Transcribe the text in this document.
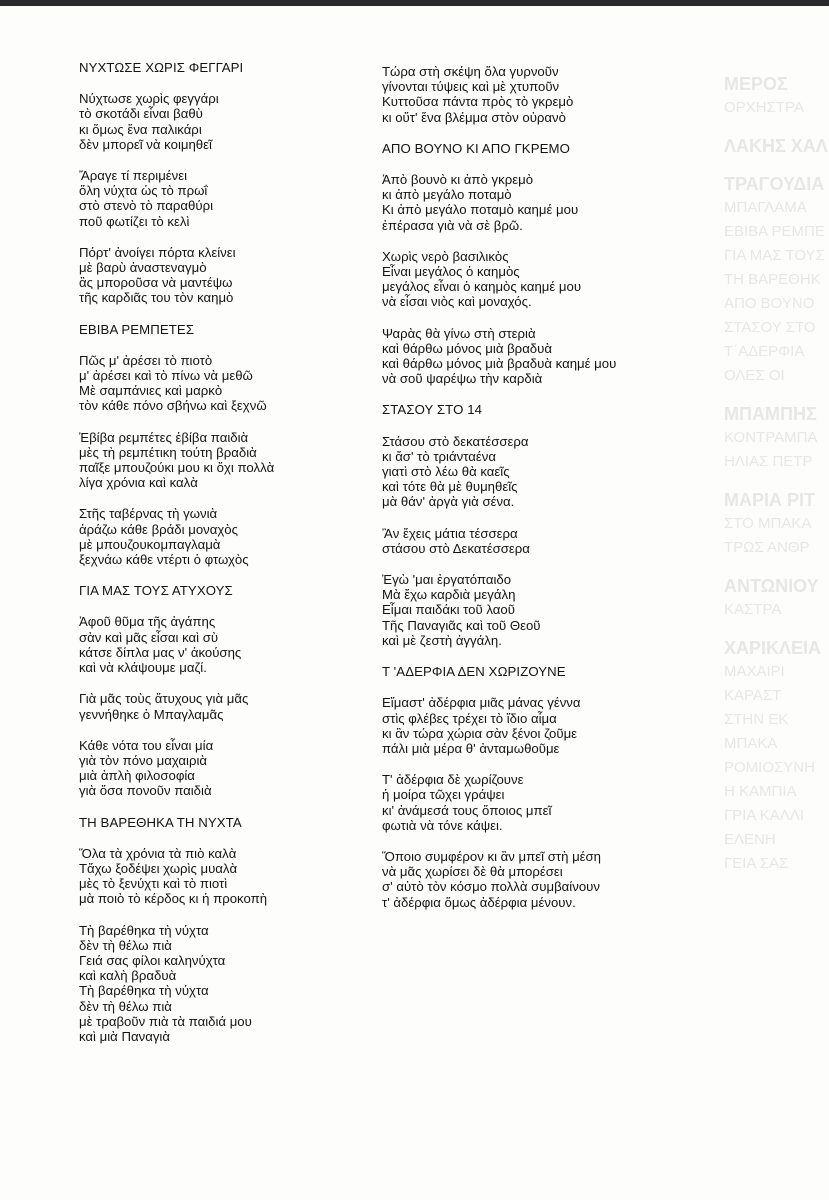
ΜΕΡΟΣ
ΟΡΧΗΣΤΡΑ
ΛΑΚΗΣ ΧΑΛ
ΤΡΑΓΟΥΔΙΑ
ΜΠΑΓΛΑΜΑ
ΕΒΙΒΑ ΡΕΜΠΕ
ΓΙΑ ΜΑΣ ΤΟΥΣ
ΤΗ ΒΑΡΕΘΗΚ
ΑΠΟ ΒΟΥΝΟ
ΣΤΑΣΟΥ ΣΤΟ
Τ΄ΑΔΕΡΦΙΑ
ΟΛΕΣ ΟΙ
ΜΠΑΜΠΗΣ
ΚΟΝΤΡΑΜΠΑ
ΗΛΙΑΣ ΠΕΤΡ
ΜΑΡΙΑ ΡΙΤ
ΣΤΟ ΜΠΑΚΑ
ΤΡΩΣ ΑΝΘΡ
ΑΝΤΩΝΙΟΥ
ΚΑΣΤΡΑ
ΧΑΡΙΚΛΕΙΑ
ΜΑΧΑΙΡΙ
ΚΑΡΑΣΤ
ΣΤΗΝ ΕΚ
ΜΠΑΚΑ
ΡΟΜΙΟΣΥΝΗ
Η ΚΑΜΠΙΑ
ΓΡΙΑ ΚΑΛΛΙ
ΕΛΕΝΗ
ΓΕΙΑ ΣΑΣ
ΝΥΧΤΩΣΕ ΧΩΡΙΣ ΦΕΓΓΑΡΙ
Νύχτωσε χωρὶς φεγγάρι
τὸ σκοτάδι εἶναι βαθὺ
κι ὅμως ἕνα παλικάρι
δὲν μπορεῖ νὰ κοιμηθεῖ
Ἄραγε τί περιμένει
ὅλη νύχτα ὡς τὸ πρωΐ
στὸ στενὸ τὸ παραθύρι
ποῦ φωτίζει τὸ κελὶ
Πόρτ' ἀνοίγει πόρτα κλείνει
μὲ βαρὺ ἀναστεναγμὸ
ἂς μποροῦσα νὰ μαντέψω
τῆς καρδιᾶς του τὸν καημὸ
ΕΒΙΒΑ ΡΕΜΠΕΤΕΣ
Πῶς μ' ἀρέσει τὸ πιοτὸ
μ' ἀρέσει καὶ τὸ πίνω νὰ μεθῶ
Μὲ σαμπάνιες καὶ μαρκὸ
τὸν κάθε πόνο σβήνω καὶ ξεχνῶ
Ἐβίβα ρεμπέτες ἐβίβα παιδιὰ
μὲς τὴ ρεμπέτικη τούτη βραδιὰ
παῖξε μπουζούκι μου κι ὄχι πολλὰ
λίγα χρόνια καὶ καλὰ
Στῆς ταβέρνας τὴ γωνιὰ
ἀράζω κάθε βράδι μοναχὸς
μὲ μπουζουκομπαγλαμὰ
ξεχνάω κάθε ντέρτι ὁ φτωχὸς
ΓΙΑ ΜΑΣ ΤΟΥΣ ΑΤΥΧΟΥΣ
Ἀφοῦ θῦμα τῆς ἀγάπης
σὰν καὶ μᾶς εἶσαι καὶ σὺ
κάτσε δίπλα μας ν' ἀκούσης
καὶ νὰ κλάψουμε μαζί.
Γιὰ μᾶς τοὺς ἄτυχους γιὰ μᾶς
γεννήθηκε ὁ Μπαγλαμᾶς
Κάθε νότα του εἶναι μία
γιὰ τὸν πόνο μαχαιριὰ
μιὰ ἁπλὴ φιλοσοφία
γιὰ ὅσα πονοῦν παιδιὰ
ΤΗ ΒΑΡΕΘΗΚΑ ΤΗ ΝΥΧΤΑ
Ὅλα τὰ χρόνια τὰ πιὸ καλὰ
Τἄχω ξοδέψει χωρὶς μυαλὰ
μὲς τὸ ξενύχτι καὶ τὸ πιοτὶ
μὰ ποιὸ τὸ κέρδος κι ἡ προκοπὴ
Τὴ βαρέθηκα τὴ νύχτα
δὲν τὴ θέλω πιὰ
Γειά σας φίλοι καληνύχτα
καὶ καλὴ βραδυὰ
Τὴ βαρέθηκα τὴ νύχτα
δὲν τὴ θέλω πιὰ
μὲ τραβοῦν πιὰ τὰ παιδιά μου
καὶ μιὰ Παναγιὰ
Τώρα στὴ σκέψη ὅλα γυρνοῦν
γίνονται τύψεις καὶ μὲ χτυποῦν
Κυττοῦσα πάντα πρὸς τὸ γκρεμὸ
κι οὔτ' ἕνα βλέμμα στὸν οὐρανὸ
ΑΠΟ ΒΟΥΝΟ ΚΙ ΑΠΟ ΓΚΡΕΜΟ
Ἀπὸ βουνὸ κι ἀπὸ γκρεμὸ
κι ἀπὸ μεγάλο ποταμὸ
Κι ἀπὸ μεγάλο ποταμὸ καημέ μου
ἐπέρασα γιὰ νὰ σὲ βρῶ.
Χωρὶς νερὸ βασιλικὸς
Εἶναι μεγάλος ὁ καημὸς
μεγάλος εἶναι ὁ καημὸς καημέ μου
νὰ εἶσαι νιὸς καὶ μοναχός.
Ψαρὰς θὰ γίνω στὴ στεριὰ
καὶ θάρθω μόνος μιὰ βραδυὰ
καὶ θάρθω μόνος μιὰ βραδυὰ καημέ μου
νὰ σοῦ ψαρέψω τὴν καρδιὰ
ΣΤΑΣΟΥ ΣΤΟ 14
Στάσου στὸ δεκατέσσερα
κι ἄσ' τὸ τριάνταένα
γιατὶ στὸ λέω θὰ καεῖς
καὶ τότε θὰ μὲ θυμηθεῖς
μὰ θάν' ἀργὰ γιὰ σένα.
Ἂν ἔχεις μάτια τέσσερα
στάσου στὸ Δεκατέσσερα
Ἐγὼ 'μαι ἐργατόπαιδο
Μὰ ἔχω καρδιὰ μεγάλη
Εἶμαι παιδάκι τοῦ λαοῦ
Τῆς Παναγιᾶς καὶ τοῦ Θεοῦ
καὶ μὲ ζεστὴ ἀγγάλη.
Τ 'ΑΔΕΡΦΙΑ ΔΕΝ ΧΩΡΙΖΟΥΝΕ
Εἴμαστ' ἀδέρφια μιᾶς μάνας γέννα
στὶς φλέβες τρέχει τὸ ἴδιο αἷμα
κι ἂν τώρα χώρια σὰν ξένοι ζοῦμε
πάλι μιὰ μέρα θ' ἀνταμωθοῦμε
Τ' ἀδέρφια δὲ χωρίζουνε
ἡ μοίρα τῶχει γράψει
κι' ἀνάμεσά τους ὅποιος μπεῖ
φωτιὰ νὰ τόνε κάψει.
Ὅποιο συμφέρον κι ἂν μπεῖ στὴ μέση
νὰ μᾶς χωρίσει δὲ θὰ μπορέσει
σ' αὐτὸ τὸν κόσμο πολλὰ συμβαίνουν
τ' ἀδέρφια ὅμως ἀδέρφια μένουν.
